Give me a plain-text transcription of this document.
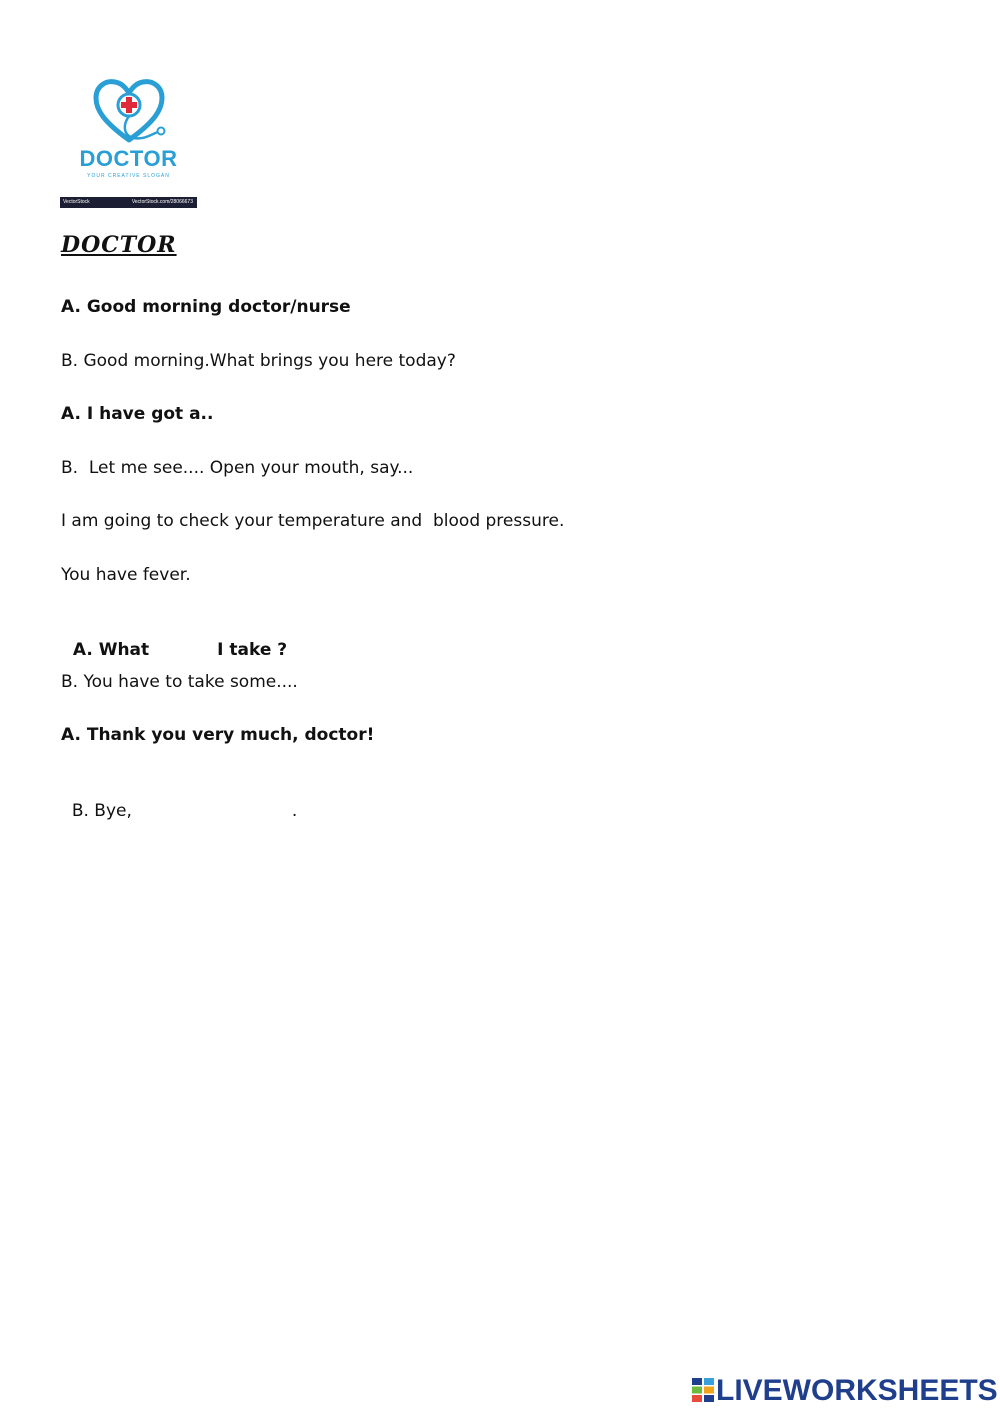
DOCTOR
YOUR CREATIVE SLOGAN
VectorStock	VectorStock.com/28066673
DOCTOR
A. Good morning doctor/nurse
B. Good morning.What brings you here today?
A. I have got a..
B.  Let me see.... Open your mouth, say...
I am going to check your temperature and  blood pressure.
You have fever.

A. What	I take ?

B. You have to take some....
A. Thank you very much, doctor!

B. Bye,	.

LIVEWORKSHEETS
